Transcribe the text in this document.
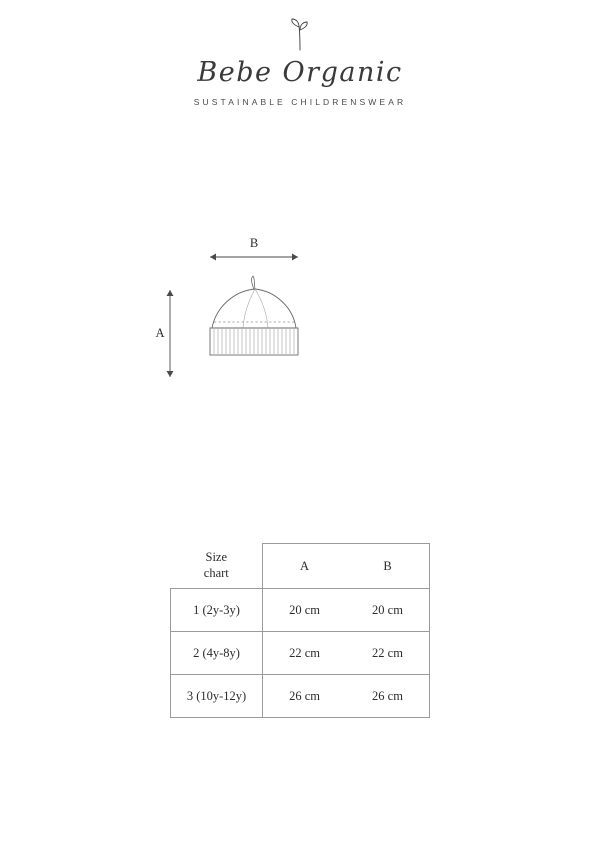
Bebe Organic
SUSTAINABLE CHILDRENSWEAR
B
A
Size
chart	A	B
1 (2y-3y)	20 cm	20 cm
2 (4y-8y)	22 cm	22 cm
3 (10y-12y)	26 cm	26 cm
